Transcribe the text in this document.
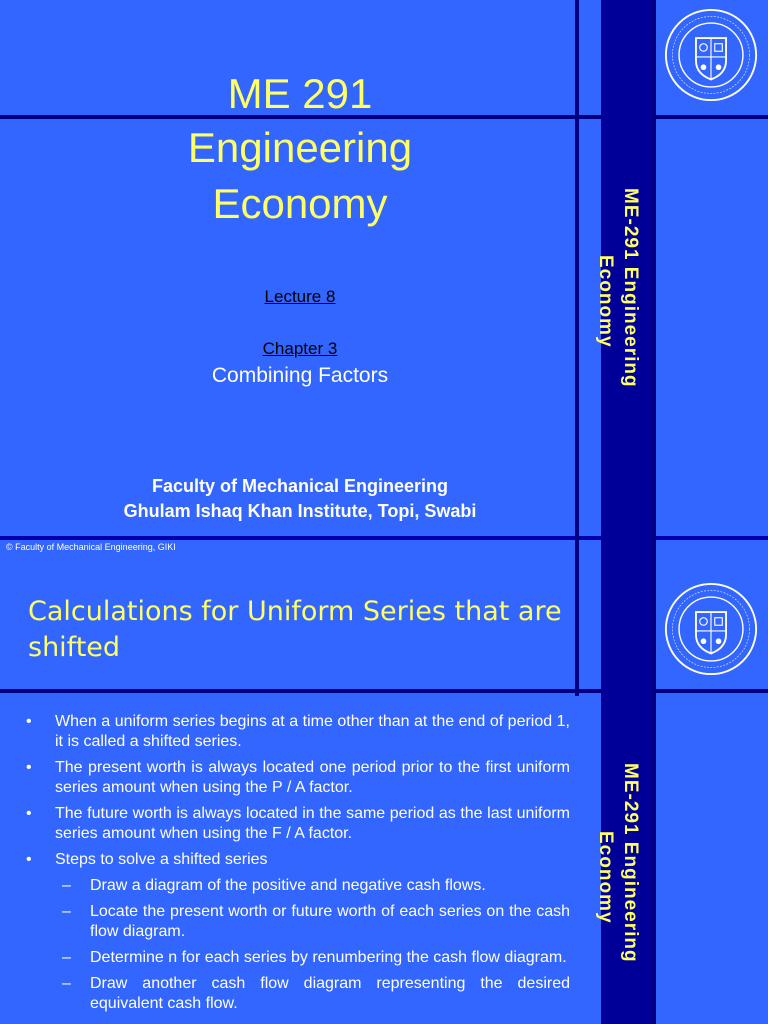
ME-291 Engineering
Economy
ME 291
Engineering
Economy
Lecture 8
Chapter 3
Combining Factors
Faculty of Mechanical Engineering
Ghulam Ishaq Khan Institute, Topi, Swabi
ME-291 Engineering
Economy
© Faculty of Mechanical Engineering, GIKI
Calculations for Uniform Series that are shifted
•	When a uniform series begins at a time other than at the end of period 1, it is called a shifted series.
•	The present worth is always located one period prior to the first uniform series amount when using the P / A factor.
•	The future worth is always located in the same period as the last uniform series amount when using the F / A factor.
•	Steps to solve a shifted series
–	Draw a diagram of the positive and negative cash flows.
–	Locate the present worth or future worth of each series on the cash flow diagram.
–	Determine n for each series by renumbering the cash flow diagram.
–	Draw another cash flow diagram representing the desired equivalent cash flow.
